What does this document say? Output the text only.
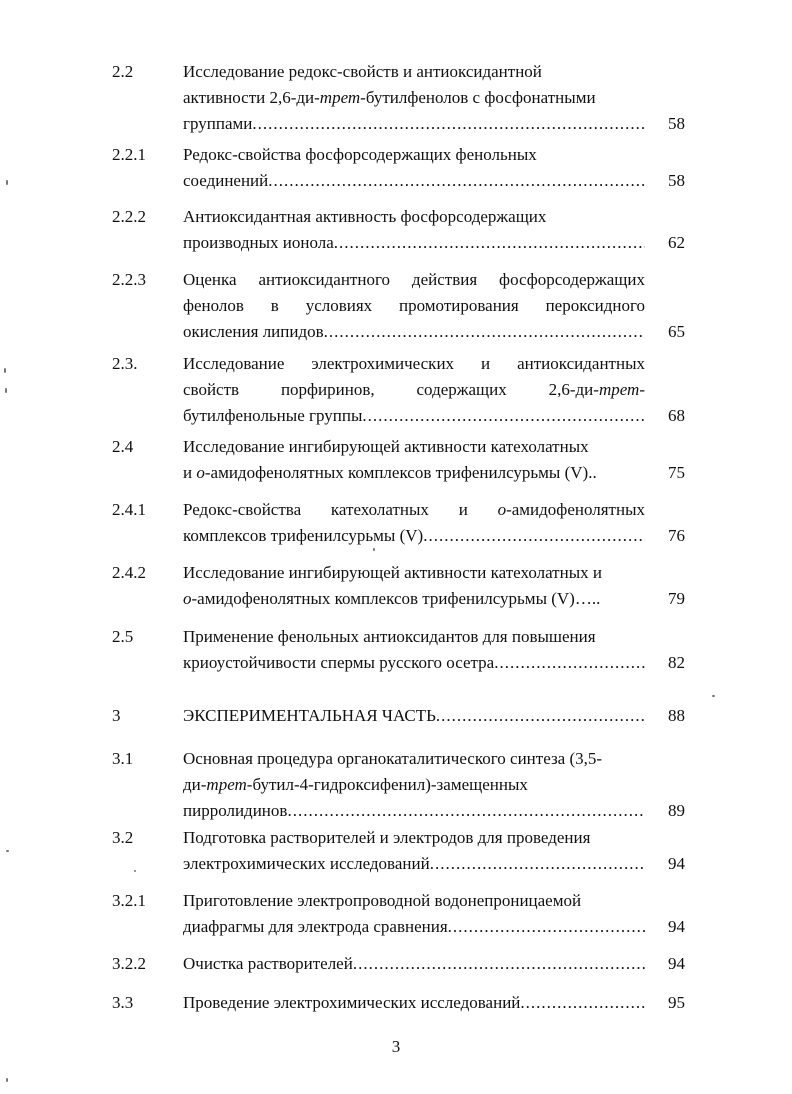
2.2	Исследование редокс-свойств и антиоксидантной
активности 2,6-ди-трет-бутилфенолов с фосфонатными
группами .....	58
2.2.1 Редокс-свойства фосфорсодержащих фенольных
соединений .....	58
2.2.2 Антиоксидантная активность фосфорсодержащих
производных ионола .....	62
2.2.3 Оценка антиоксидантного действия фосфорсодержащих
фенолов в условиях промотирования пероксидного
окисления липидов .....	65
2.3.	Исследование электрохимических и антиоксидантных
свойств порфиринов, содержащих 2,6-ди-трет-
бутилфенольные группы .....	68
2.4	Исследование ингибирующей активности катехолатных
и о-амидофенолятных комплексов трифенилсурьмы (V)..	75
2.4.1 Редокс-свойства катехолатных и о-амидофенолятных
комплексов трифенилсурьмы (V) .....	76
2.4.2 Исследование ингибирующей активности катехолатных и
о-амидофенолятных комплексов трифенилсурьмы (V)…..	79
2.5	Применение фенольных антиоксидантов для повышения
криоустойчивости спермы русского осетра .....	82
3	ЭКСПЕРИМЕНТАЛЬНАЯ ЧАСТЬ .....	88
3.1	Основная процедура органокаталитического синтеза (3,5-
ди-трет-бутил-4-гидроксифенил)-замещенных
пирролидинов .....	89
3.2	Подготовка растворителей и электродов для проведения
электрохимических исследований .....	94
3.2.1 Приготовление электропроводной водонепроницаемой
диафрагмы для электрода сравнения .....	94
3.2.2 Очистка растворителей .....	94
3.3	Проведение электрохимических исследований .....	95
3
